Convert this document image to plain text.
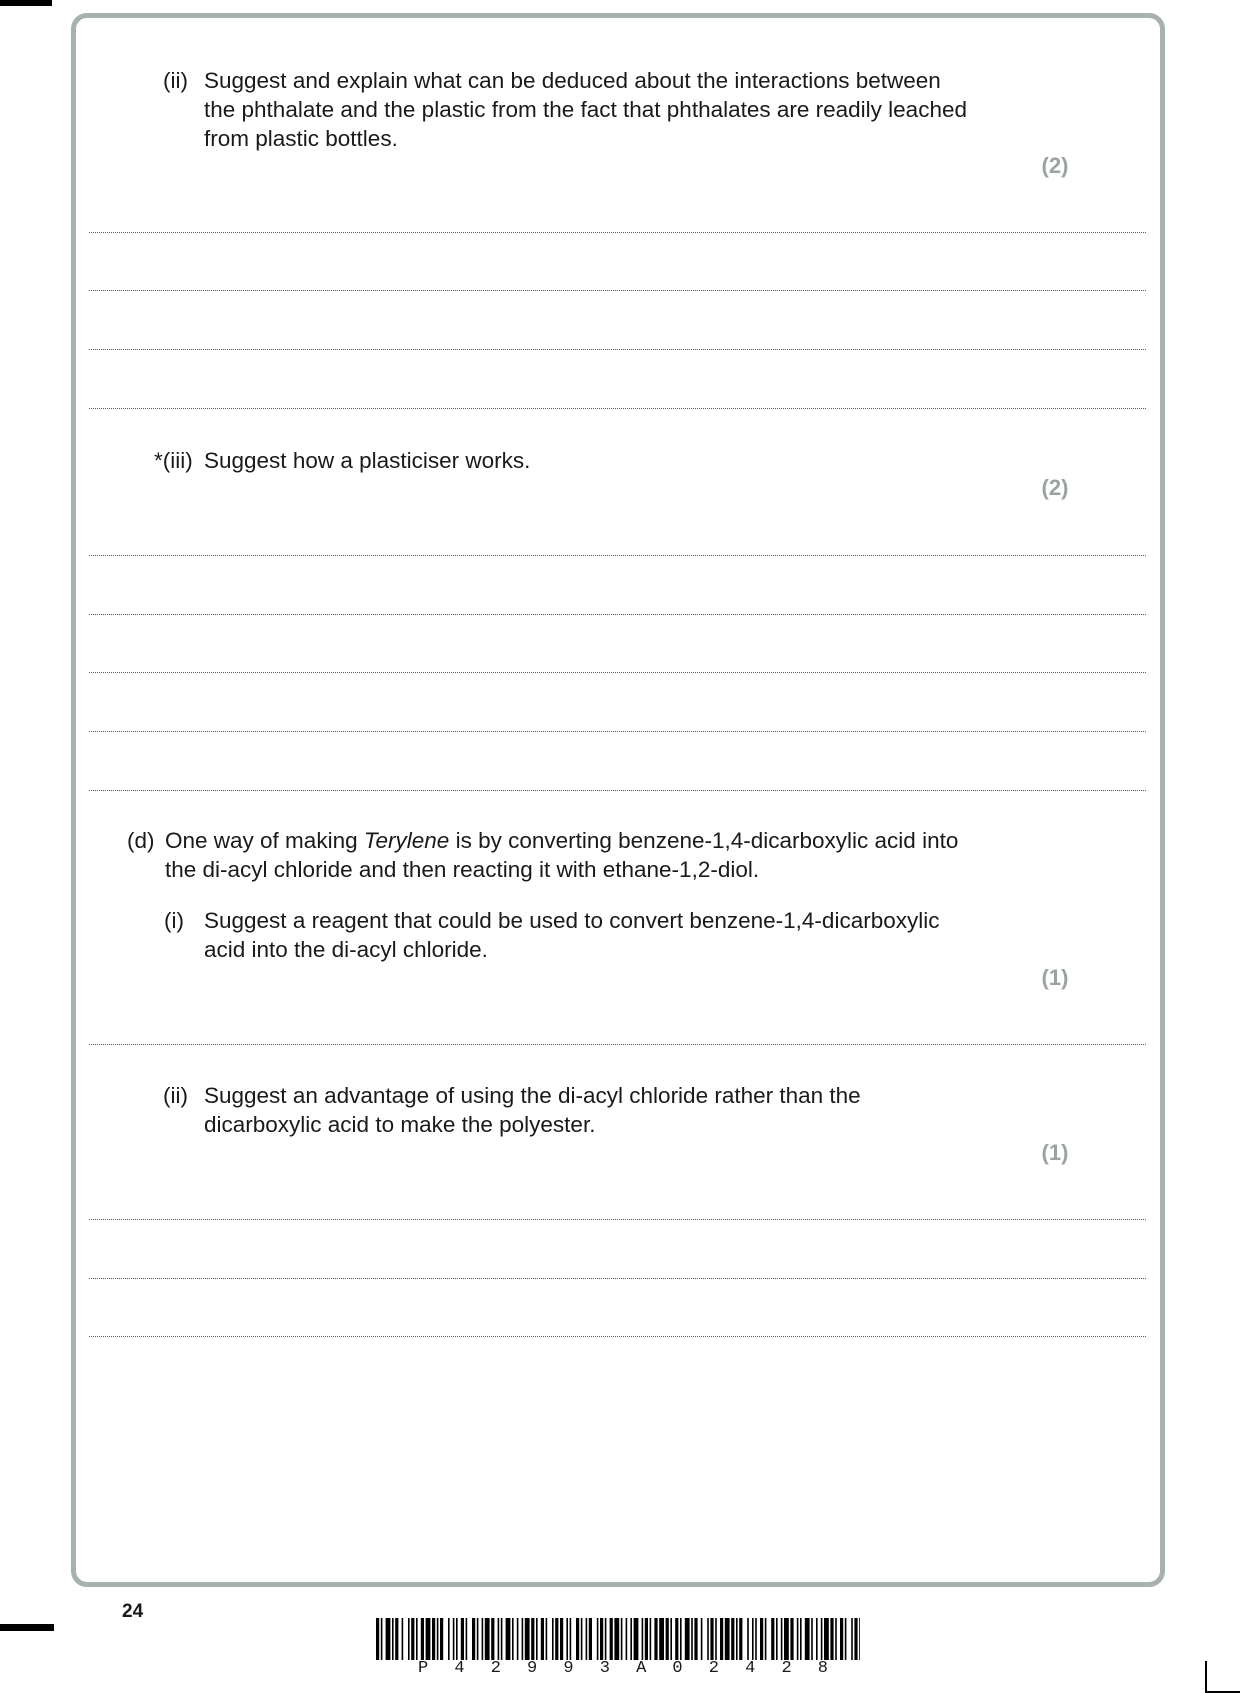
(ii) Suggest and explain what can be deduced about the interactions between
the phthalate and the plastic from the fact that phthalates are readily leached
from plastic bottles.
(2)
*(iii) Suggest how a plasticiser works.
(2)
(d) One way of making Terylene is by converting benzene-1,4-dicarboxylic acid into
the di-acyl chloride and then reacting it with ethane-1,2-diol.
(i) Suggest a reagent that could be used to convert benzene-1,4-dicarboxylic
acid into the di-acyl chloride.
(1)
(ii) Suggest an advantage of using the di-acyl chloride rather than the
dicarboxylic acid to make the polyester.
(1)
24
P 4 2 9 9 3 A 0 2 4 2 8
